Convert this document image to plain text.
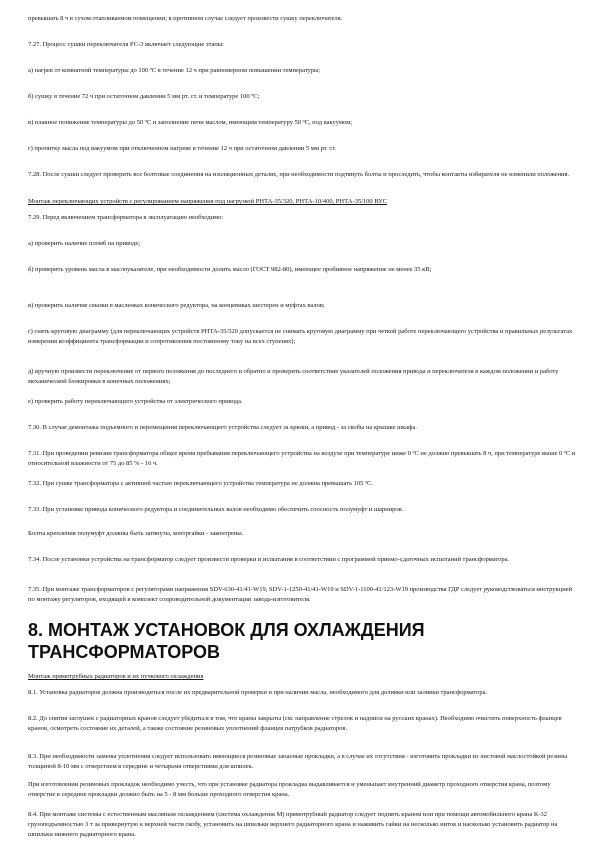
превышать 8 ч в сухом отапливаемом помещении; в противном случае следует произвести сушку переключателя.

7.27. Процесс сушки переключателя РС-3 включает следующие этапы:

а) нагрев от комнатной температуры до 100 ºС в течение 12 ч при равномерном повышении температуры;

б) сушку в течение 72 ч при остаточном давлении 5 мм рт. ст. и температуре 100 ºС;

в) плавное понижение температуры до 50 ºС и заполнение печи маслом, имеющим температуру 50 ºС, под вакуумом;

г) пропитку масла под вакуумом при отключенном нагреве в течение 12 ч при остаточном давлении 5 мм рт. ст.

7.28. После сушки следует проверить все болтовые соединения на изоляционных деталях, при необходимости подтянуть болты и проследить, чтобы контакты избирателя не изменили положения.

Монтаж переключающих устройств с регулированием напряжения под нагрузкой РНТА-35/320, РНТА-10/400, РНТА-35/100 ВУС

7.29. Перед включением трансформатора в эксплуатацию необходимо:

а) проверить наличие пломб на приводе;

б) проверить уровень масла в маслоуказателе, при необходимости долить масло (ГОСТ 982-80), имеющее пробивное напряжение не менее 35 кВ;

в) проверить наличие смазки в масленках конического редуктора, на концевиках шестерен и муфтах валов;

г) снять круговую диаграмму (для переключающих устройств РНТА-35/320 допускается не снимать круговую диаграмму при четкой работе переключающего устройства и правильных результатах измерения коэффициента трансформации и сопротивления постоянному току на всех ступенях);

д) вручную произвести переключение от первого положения до последнего и обратно и проверить соответствие указателей положения привода и переключателя в каждом положении и работу механической блокировки в конечных положениях;

е) проверить работу переключающего устройства от электрического привода.

7.30. В случае демонтажа подъемного и перемещения переключающего устройства следует за крюки, а привод - за скобы на крышке шкафа.

7.31. При проведении ревизии трансформатора общее время пребывания переключающего устройства на воздухе при температуре ниже 0 ºС не должно превышать 8 ч, при температуре выше 0 ºС и относительной влажности от 75 до 85 % - 16 ч.

7.32. При сушке трансформатора с активной частью переключающего устройства температура не должна превышать 105 ºС.

7.33. При установке привода конического редуктора и соединительных валов необходимо обеспечить соосность полумуфт и шарниров.

Болты крепления полумуфт должны быть затянуты, контргайки - законтрены.

7.34. После установки устройства на трансформатор следует произвести проверки и испытания в соответствии с программой приемо-сдаточных испытаний трансформатора.

7.35. При монтаже трансформаторов с регуляторами напряжения SDV-630-41/41-W19, SDV-1-1250-41/41-W19 и SDV-1-1100-41/123-W19 производства ГДР следует руководствоваться инструкцией по монтажу регуляторов, входящей в комплект сопроводительной документации завода-изготовителя.

8. МОНТАЖ УСТАНОВОК ДЛЯ ОХЛАЖДЕНИЯ ТРАНСФОРМАТОРОВ

Монтаж прямотрубных радиаторов и их пучкового охлаждения

8.1. Установка радиаторов должна производиться после их предварительной проверки и при наличии масла, необходимого для доливки или заливки трансформатора.

8.2. До снятия заглушек с радиаторных кранов следует убедиться в том, что краны закрыты (см. направление стрелок и надписи на русских кранах). Необходимо очистить поверхность фланцев кранов, осмотреть состояние их деталей, а также состояние резиновых уплотнений фланцев патрубков радиаторов.

8.3. При необходимости замены уплотнения следует использовать имеющиеся резиновые запасные прокладки, а в случае их отсутствия - изготовить прокладки из листовой маслостойкой резины толщиной 8-10 мм с отверстием в середине и четырьмя отверстиями для шпилек.

При изготовлении резиновых прокладок необходимо учесть, что при установке радиатора прокладка выдавливается и уменьшает внутренний диаметр проходного отверстия крана, поэтому отверстие в середине прокладки должно быть на 5 - 8 мм больше проходного отверстия крана.

8.4. При монтаже системы с естественным масляным охлаждением (система охлаждения М) прямотрубный радиатор следует поднять краном или при помощи автомобильного крана К-32 грузоподъемностью 3 т за привернутую к верхней части скобу, установить на шпильки верхнего радиаторного крана и наживить гайки на несколько ниток и насколько установить радиатор на шпильки нижнего радиаторного крана.
